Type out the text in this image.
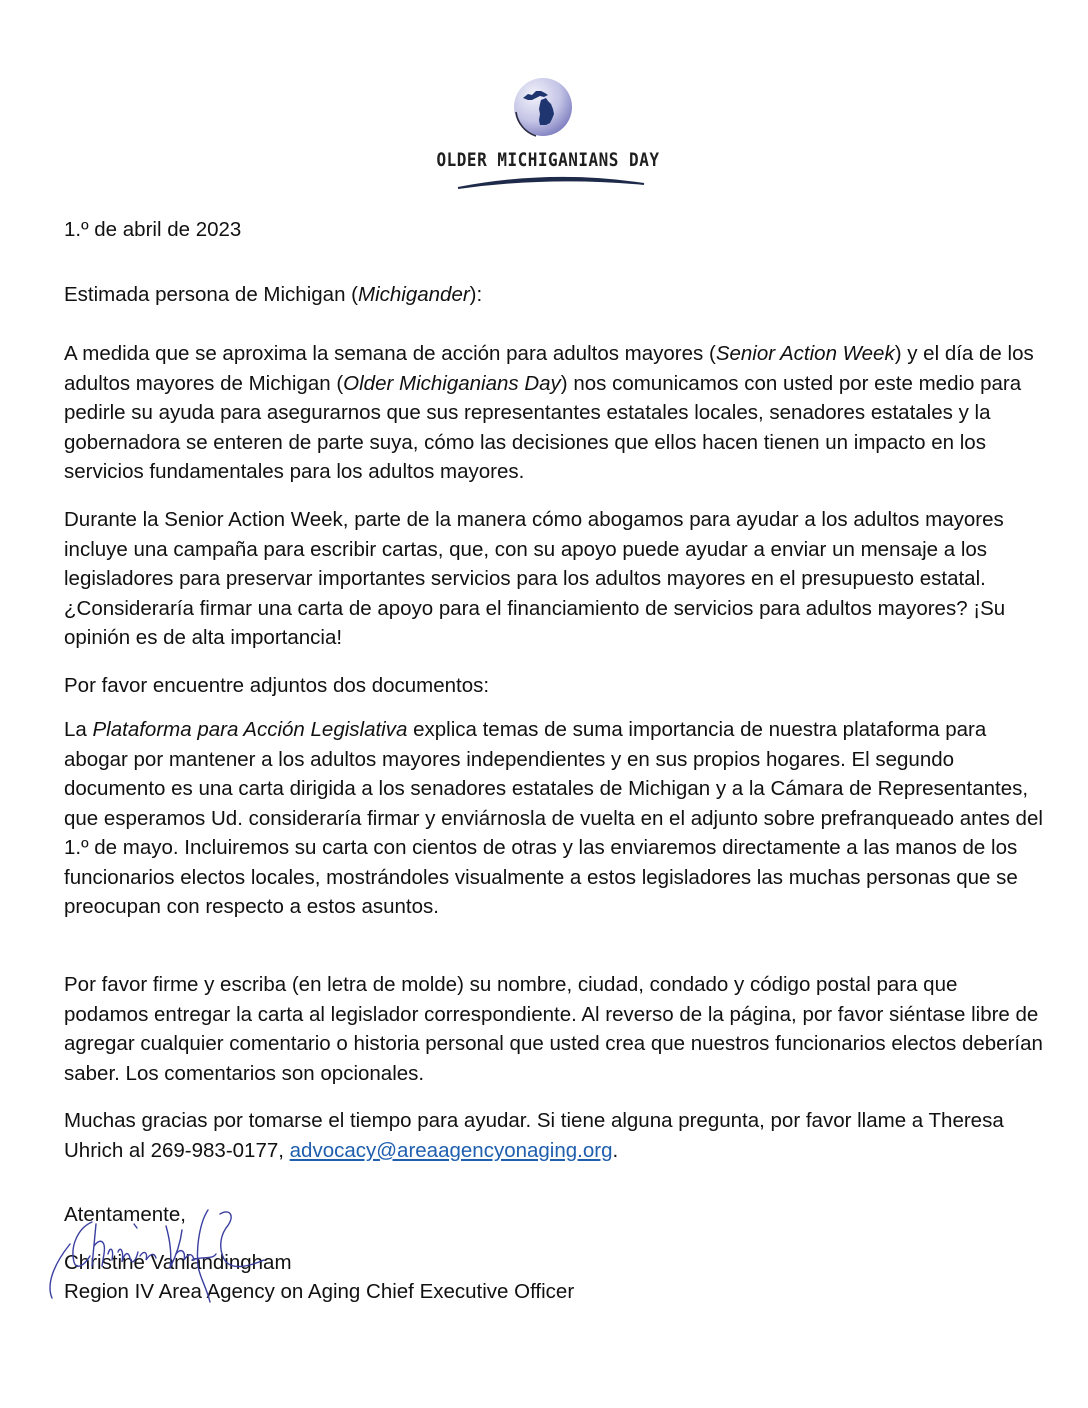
OLDER MICHIGANIANS DAY
1.º de abril de 2023
Estimada persona de Michigan (Michigander):
A medida que se aproxima la semana de acción para adultos mayores (Senior Action Week) y el día de los adultos mayores de Michigan (Older Michiganians Day) nos comunicamos con usted por este medio para pedirle su ayuda para asegurarnos que sus representantes estatales locales, senadores estatales y la gobernadora se enteren de parte suya, cómo las decisiones que ellos hacen tienen un impacto en los servicios fundamentales para los adultos mayores.
Durante la Senior Action Week, parte de la manera cómo abogamos para ayudar a los adultos mayores incluye una campaña para escribir cartas, que, con su apoyo puede ayudar a enviar un mensaje a los legisladores para preservar importantes servicios para los adultos mayores en el presupuesto estatal. ¿Consideraría firmar una carta de apoyo para el financiamiento de servicios para adultos mayores? ¡Su opinión es de alta importancia!
Por favor encuentre adjuntos dos documentos:
La Plataforma para Acción Legislativa explica temas de suma importancia de nuestra plataforma para abogar por mantener a los adultos mayores independientes y en sus propios hogares. El segundo documento es una carta dirigida a los senadores estatales de Michigan y a la Cámara de Representantes, que esperamos Ud. consideraría firmar y enviárnosla de vuelta en el adjunto sobre prefranqueado antes del 1.º de mayo. Incluiremos su carta con cientos de otras y las enviaremos directamente a las manos de los funcionarios electos locales, mostrándoles visualmente a estos legisladores las muchas personas que se preocupan con respecto a estos asuntos.
Por favor firme y escriba (en letra de molde) su nombre, ciudad, condado y código postal para que podamos entregar la carta al legislador correspondiente. Al reverso de la página, por favor siéntase libre de agregar cualquier comentario o historia personal que usted crea que nuestros funcionarios electos deberían saber. Los comentarios son opcionales.
Muchas gracias por tomarse el tiempo para ayudar. Si tiene alguna pregunta, por favor llame a Theresa Uhrich al 269-983-0177, advocacy@areaagencyonaging.org.
Atentamente,
Christine Vanlandingham
Region IV Area Agency on Aging Chief Executive Officer
